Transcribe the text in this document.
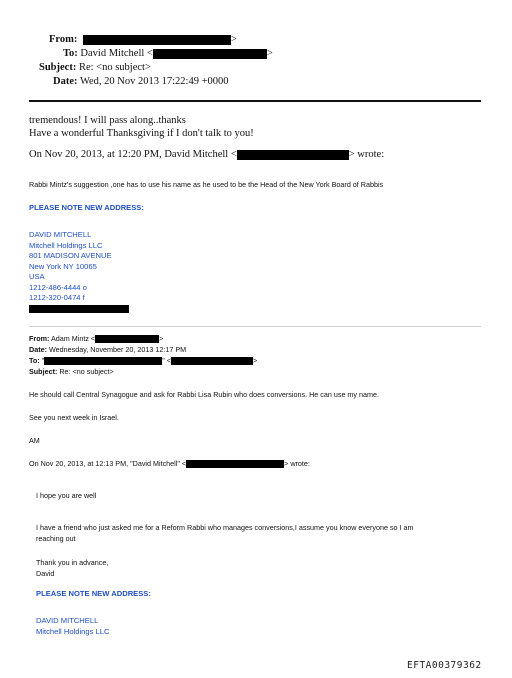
From:	>
To: David Mitchell <	>
Subject: Re: <no subject>
Date: Wed, 20 Nov 2013 17:22:49 +0000
tremendous! I will pass along..thanks
Have a wonderful Thanksgiving if I don't talk to you!
On Nov 20, 2013, at 12:20 PM, David Mitchell <	> wrote:
Rabbi Mintz's suggestion ,one has to use his name as he used to be the Head of the New York Board of Rabbis
PLEASE NOTE NEW ADDRESS:
DAVID MITCHELL
Mitchell Holdings LLC
801 MADISON AVENUE
New York NY 10065
USA
1212-486-4444 o
1212-320-0474 f
From: Adam Mintz <	>
Date: Wednesday, November 20, 2013 12:17 PM
To: "	" <	>
Subject: Re: <no subject>
He should call Central Synagogue and ask for Rabbi Lisa Rubin who does conversions. He can use my name.
See you next week in Israel.
AM
On Nov 20, 2013, at 12:13 PM, "David Mitchell" <	> wrote:
I hope you are well
I have a friend who just asked me for a Reform Rabbi who manages conversions,I assume you know everyone so I am
reaching out
Thank you in advance,
David
PLEASE NOTE NEW ADDRESS:
DAVID MITCHELL
Mitchell Holdings LLC
EFTA00379362
